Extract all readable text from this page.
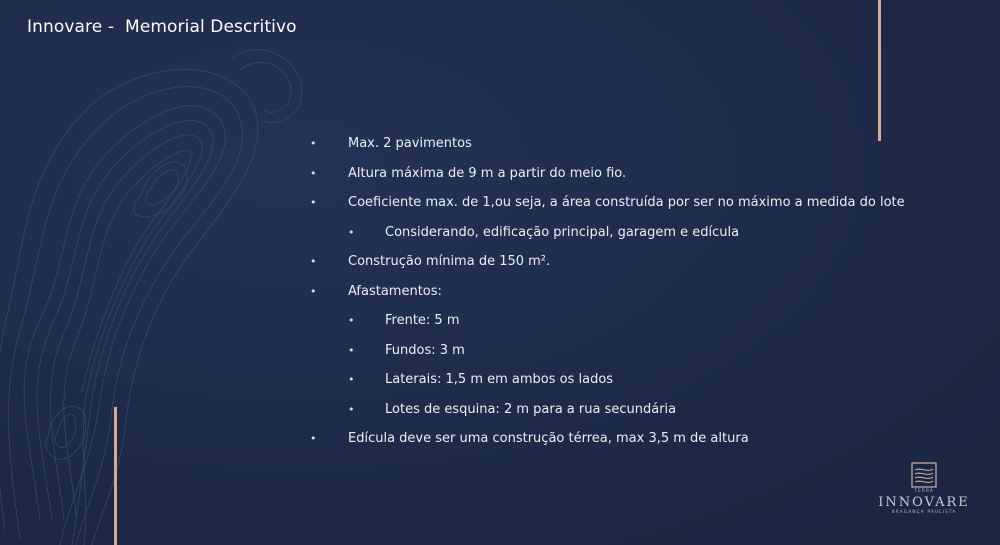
Innovare -  Memorial Descritivo
• Max. 2 pavimentos
• Altura máxima de 9 m a partir do meio fio.
• Coeficiente max. de 1,ou seja, a área construída por ser no máximo a medida do lote
• Considerando, edificação principal, garagem e edícula
• Construção mínima de 150 m².
• Afastamentos:
• Frente: 5 m
• Fundos: 3 m
• Laterais: 1,5 m em ambos os lados
• Lotes de esquina: 2 m para a rua secundária
• Edícula deve ser uma construção térrea, max 3,5 m de altura
TERRA
INNOVARE
BRAGANÇA PAULISTA
